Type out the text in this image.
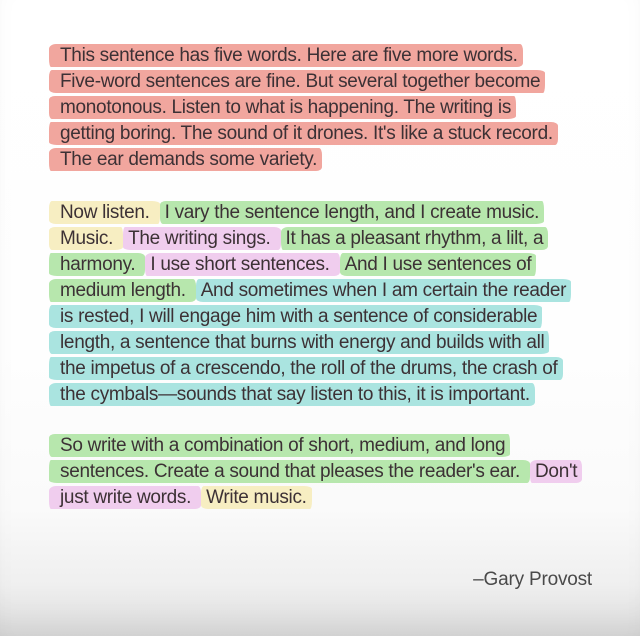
This sentence has five words. Here are five more words.
Five-word sentences are fine. But several together become
monotonous. Listen to what is happening. The writing is
getting boring. The sound of it drones. It's like a stuck record.
The ear demands some variety.
Now listen. I vary the sentence length, and I create music.
Music. The writing sings. It has a pleasant rhythm, a lilt, a
harmony. I use short sentences. And I use sentences of
medium length. And sometimes when I am certain the reader
is rested, I will engage him with a sentence of considerable
length, a sentence that burns with energy and builds with all
the impetus of a crescendo, the roll of the drums, the crash of
the cymbals—sounds that say listen to this, it is important.
So write with a combination of short, medium, and long
sentences. Create a sound that pleases the reader's ear. Don't
just write words. Write music.
–Gary Provost
